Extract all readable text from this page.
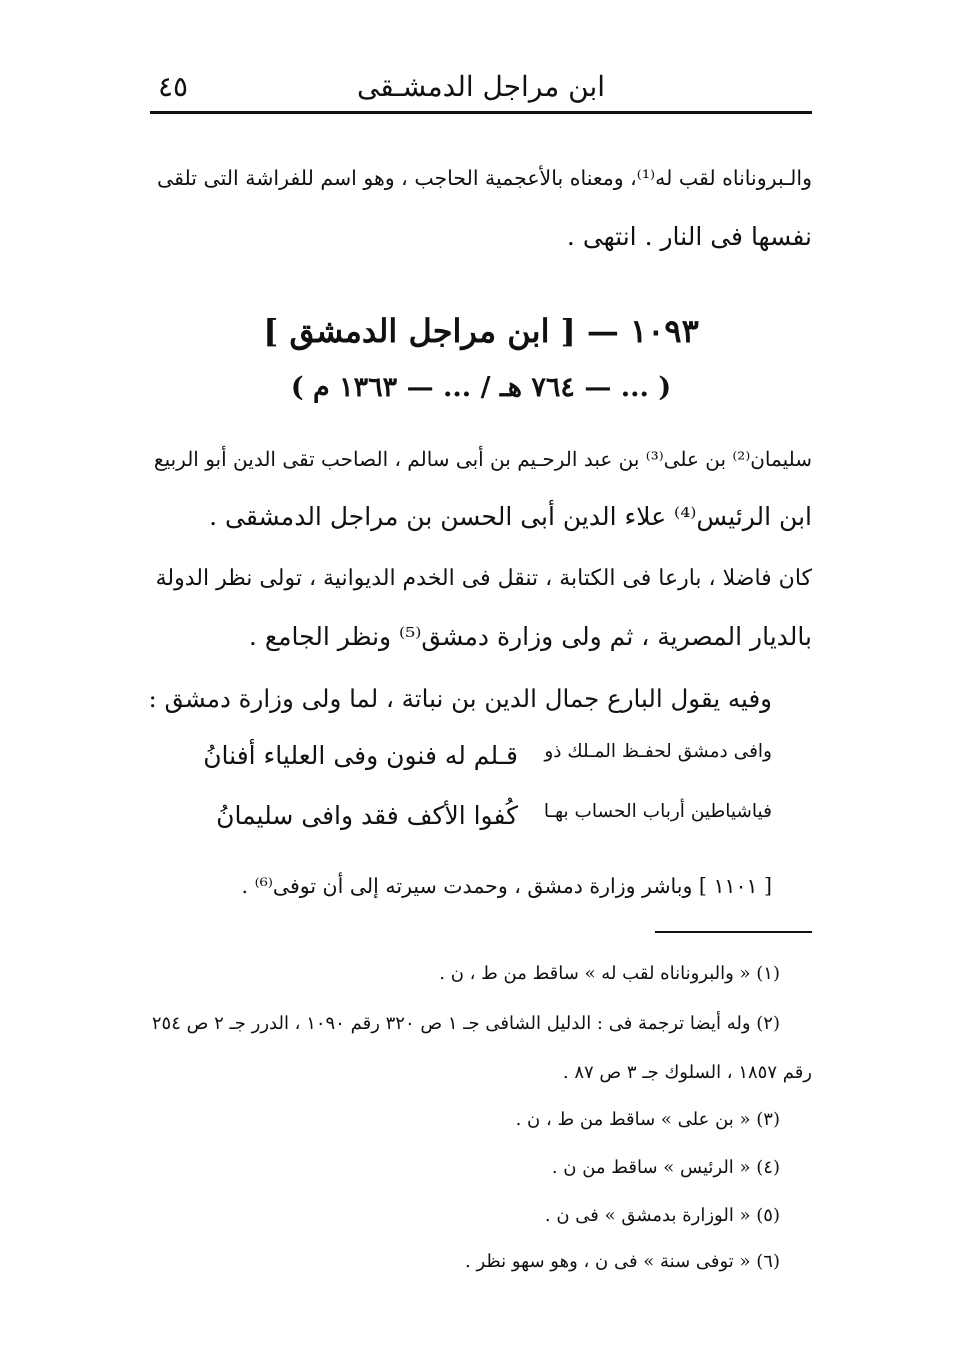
ابن مراجل الدمشـقى
٤٥
والـبروناناه لقب له⁽¹⁾، ومعناه بالأعجمية الحاجب ، وهو اسم للفراشة التى تلقى
نفسها فى النار . انتهى .
١٠٩٣ — [ ابن مراجل الدمشق ]
( ... — ٧٦٤ هـ / ... — ١٣٦٣ م )
سليمان⁽²⁾ بن على⁽³⁾ بن عبد الرحـيم بن أبى سالم ، الصاحب تقى الدين أبو الربيع
ابن الرئيس⁽⁴⁾ علاء الدين أبى الحسن بن مراجل الدمشقى .
كان فاضلا ، بارعا فى الكتابة ، تنقل فى الخدم الديوانية ، تولى نظر الدولة
بالديار المصرية ، ثم ولى وزارة دمشق⁽⁵⁾ ونظر الجامع .
وفيه يقول البارع جمال الدين بن نباتة ، لما ولى وزارة دمشق :
وافى دمشق لحفـظ المـلك ذو
قـلم له فنون وفى العلياء أفنانُ
فياشياطين أرباب الحساب بهـا
كُفوا الأكف فقد وافى سليمانُ
[ ١١٠١ ] وباشر وزارة دمشق ، وحمدت سيرته إلى أن توفى⁽⁶⁾ .
(١) « والبروناناه لقب له » ساقط من ط ، ن .
(٢) وله أيضا ترجمة فى : الدليل الشافى جـ ١ ص ٣٢٠ رقم ١٠٩٠ ، الدرر جـ ٢ ص ٢٥٤
رقم ١٨٥٧ ، السلوك جـ ٣ ص ٨٧ .
(٣) « بن على » ساقط من ط ، ن .
(٤) « الرئيس » ساقط من ن .
(٥) « الوزارة بدمشق » فى ن .
(٦) « توفى سنة » فى ن ، وهو سهو نظر .
